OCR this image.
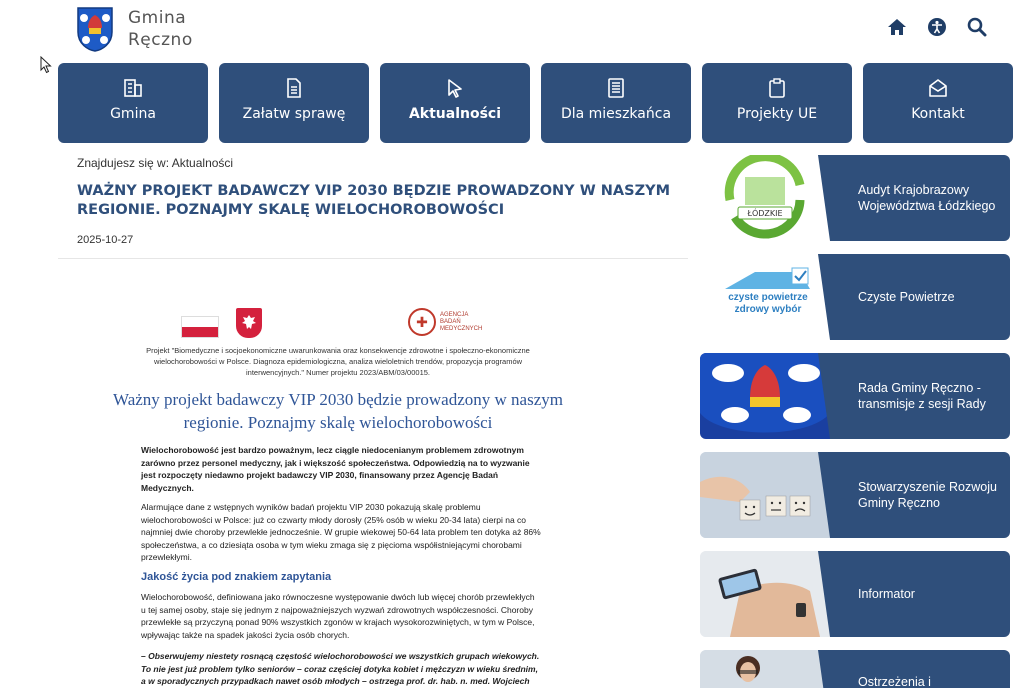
Gmina
Ręczno
Gmina	Załatw sprawę	Aktualności	Dla mieszkańca	Projekty UE	Kontakt
Znajdujesz się w: Aktualności
WAŻNY PROJEKT BADAWCZY VIP 2030 BĘDZIE PROWADZONY W NASZYM REGIONIE. POZNAJMY SKALĘ WIELOCHOROBOWOŚCI
2025-10-27
✚	AGENCJA BADAŃ MEDYCZNYCH
Projekt "Biomedyczne i socjoekonomiczne uwarunkowania oraz konsekwencje zdrowotne i społeczno-ekonomiczne wielochorobowości w Polsce. Diagnoza epidemiologiczna, analiza wieloletnich trendów, propozycja programów interwencyjnych." Numer projektu 2023/ABM/03/00015.
Ważny projekt badawczy VIP 2030 będzie prowadzony w naszym regionie. Poznajmy skalę wielochorobowości
Wielochorobowość jest bardzo poważnym, lecz ciągle niedocenianym problemem zdrowotnym zarówno przez personel medyczny, jak i większość społeczeństwa. Odpowiedzią na to wyzwanie jest rozpoczęty niedawno projekt badawczy VIP 2030, finansowany przez Agencję Badań Medycznych.
Alarmujące dane z wstępnych wyników badań projektu VIP 2030 pokazują skalę problemu wielochorobowości w Polsce: już co czwarty młody dorosły (25% osób w wieku 20-34 lata) cierpi na co najmniej dwie choroby przewlekłe jednocześnie. W grupie wiekowej 50-64 lata problem ten dotyka aż 86% społeczeństwa, a co dziesiąta osoba w tym wieku zmaga się z pięcioma współistniejącymi chorobami przewlekłymi.
Jakość życia pod znakiem zapytania
Wielochorobowość, definiowana jako równoczesne występowanie dwóch lub więcej chorób przewlekłych u tej samej osoby, staje się jednym z najpoważniejszych wyzwań zdrowotnych współczesności. Choroby przewlekłe są przyczyną ponad 90% wszystkich zgonów w krajach wysokorozwiniętych, w tym w Polsce, wpływając także na spadek jakości życia osób chorych.
– Obserwujemy niestety rosnącą częstość wielochorobowości we wszystkich grupach wiekowych. To nie jest już problem tylko seniorów – coraz częściej dotyka kobiet i mężczyzn w wieku średnim, a w sporadycznych przypadkach nawet osób młodych – ostrzega prof. dr. hab. n. med. Wojciech
ŁÓDZKIE
Audyt Krajobrazowy Województwa Łódzkiego
czyste powietrze zdrowy wybór
Czyste Powietrze
Rada Gminy Ręczno - transmisje z sesji Rady
Stowarzyszenie Rozwoju Gminy Ręczno
Informator
Ostrzeżenia i
